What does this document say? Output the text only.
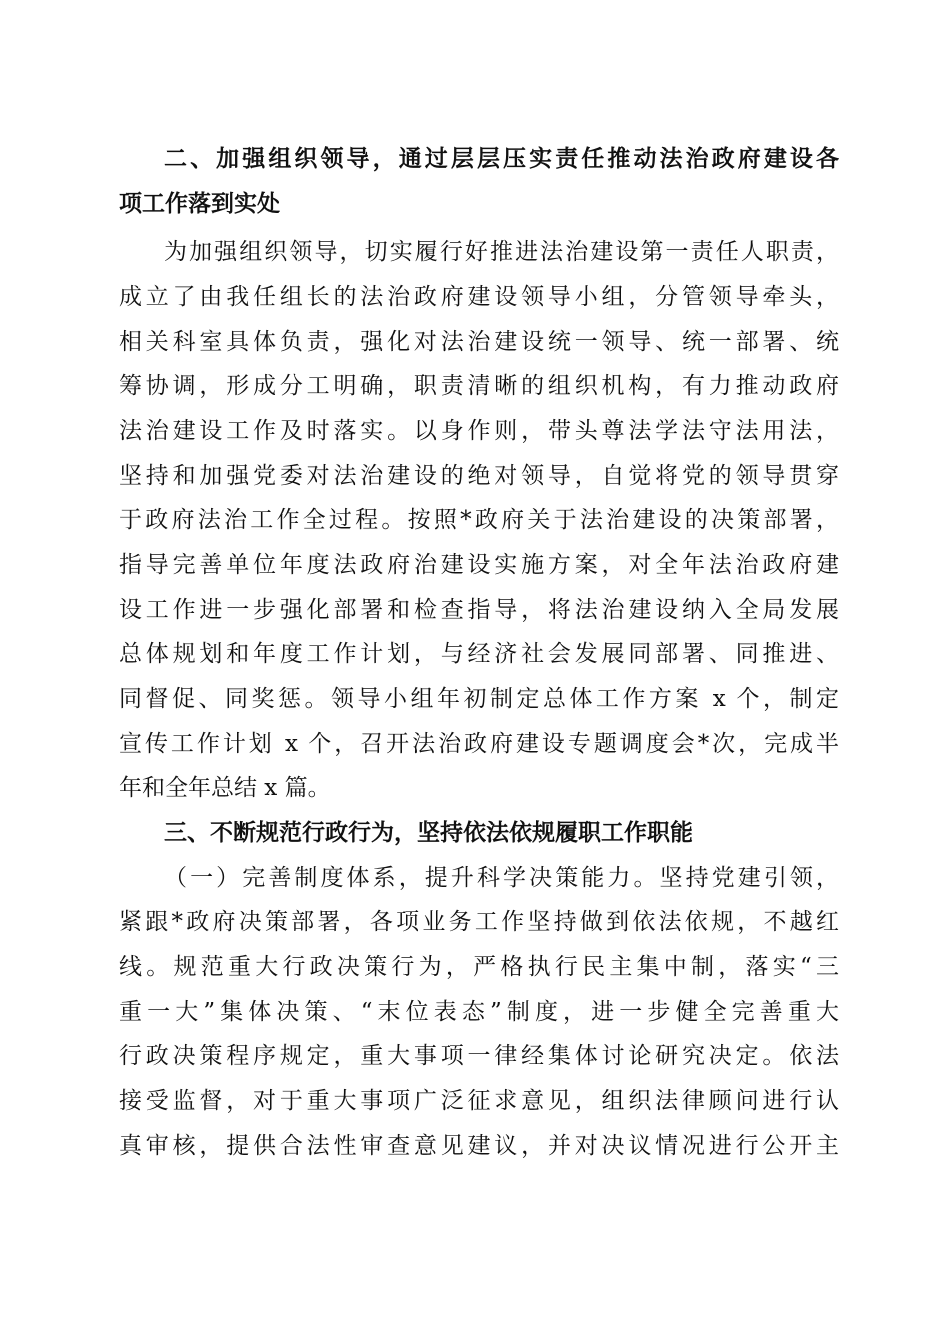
二、加强组织领导，通过层层压实责任推动法治政府建设各
项工作落到实处
为加强组织领导，切实履行好推进法治建设第一责任人职责，
成立了由我任组长的法治政府建设领导小组，分管领导牵头，
相关科室具体负责，强化对法治建设统一领导、统一部署、统
筹协调，形成分工明确，职责清晰的组织机构，有力推动政府
法治建设工作及时落实。以身作则，带头尊法学法守法用法，
坚持和加强党委对法治建设的绝对领导，自觉将党的领导贯穿
于政府法治工作全过程。按照*政府关于法治建设的决策部署，
指导完善单位年度法政府治建设实施方案，对全年法治政府建
设工作进一步强化部署和检查指导，将法治建设纳入全局发展
总体规划和年度工作计划，与经济社会发展同部署、同推进、
同督促、同奖惩。领导小组年初制定总体工作方案 x 个，制定
宣传工作计划 x 个，召开法治政府建设专题调度会*次，完成半
年和全年总结 x 篇。
三、不断规范行政行为，坚持依法依规履职工作职能
（一）完善制度体系，提升科学决策能力。坚持党建引领，
紧跟*政府决策部署，各项业务工作坚持做到依法依规，不越红
线。规范重大行政决策行为，严格执行民主集中制，落实“三
重一大”集体决策、“末位表态”制度，进一步健全完善重大
行政决策程序规定，重大事项一律经集体讨论研究决定。依法
接受监督，对于重大事项广泛征求意见，组织法律顾问进行认
真审核，提供合法性审查意见建议，并对决议情况进行公开主
